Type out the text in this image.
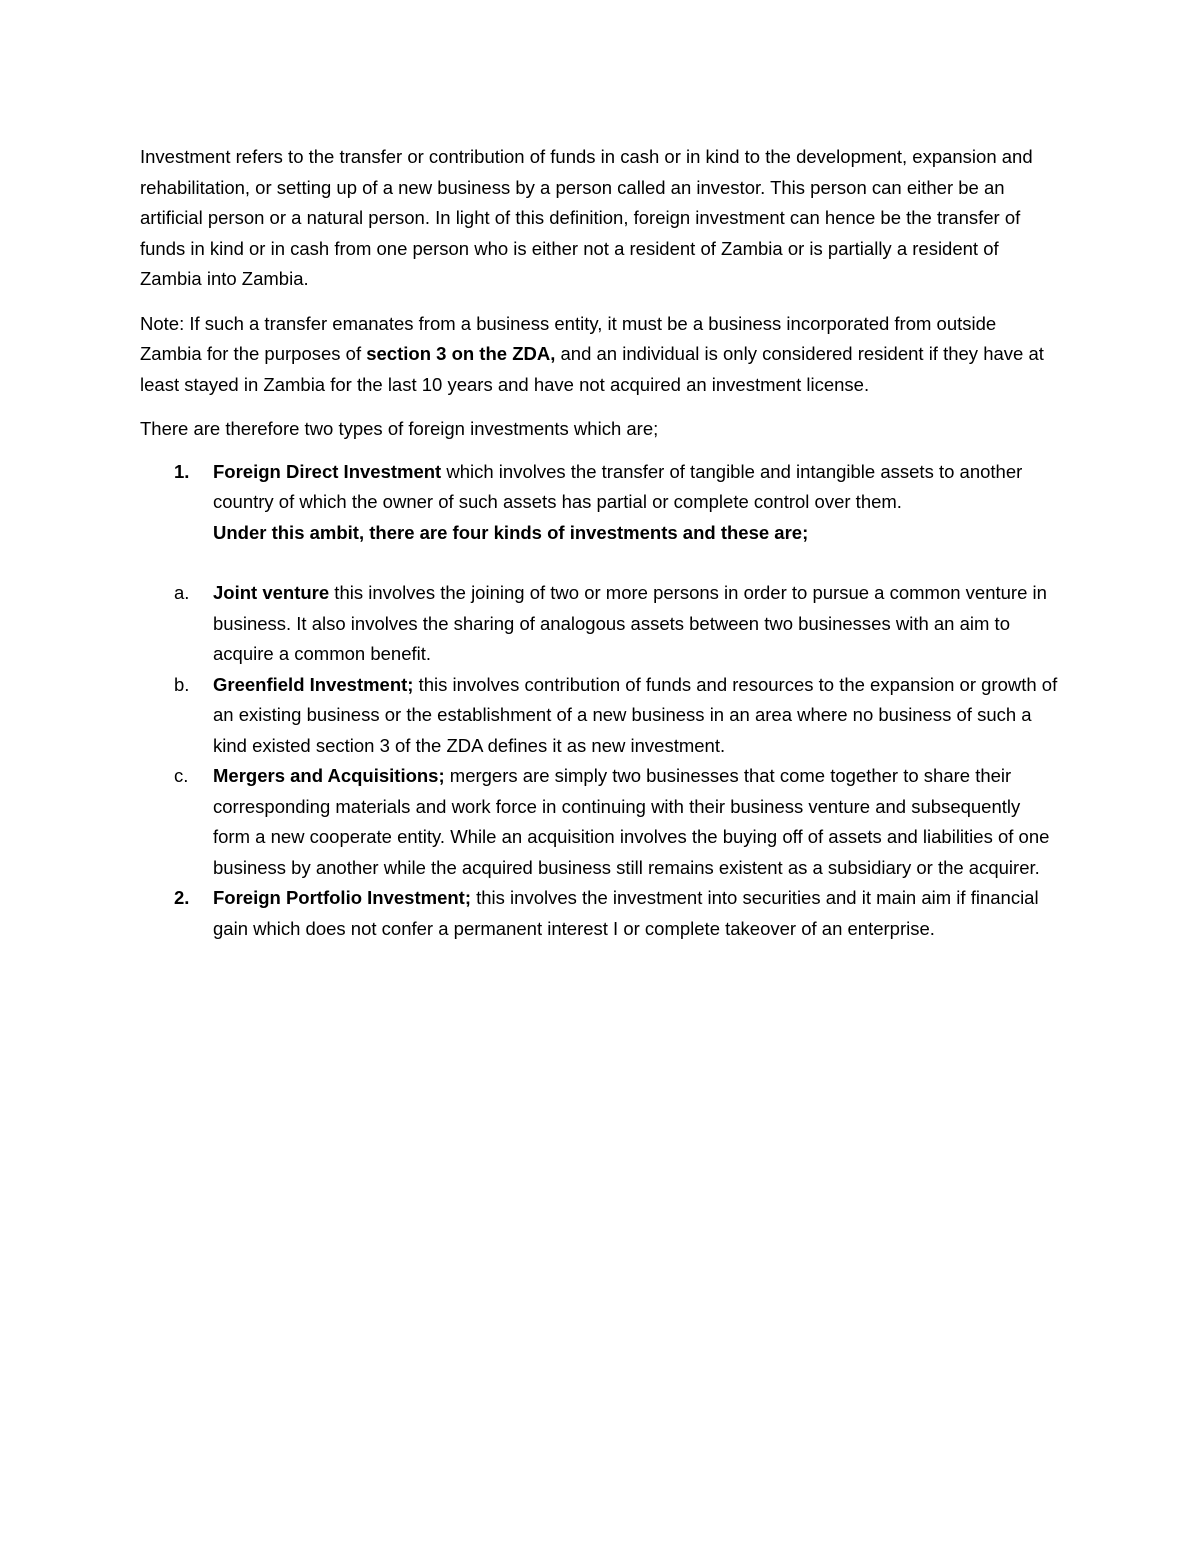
Investment refers to the transfer or contribution of funds in cash or in kind to the development, expansion and rehabilitation, or setting up of a new business by a person called an investor. This person can either be an artificial person or a natural person. In light of this definition, foreign investment can hence be the transfer of funds in kind or in cash from one person who is either not a resident of Zambia or is partially a resident of Zambia into Zambia.

Note: If such a transfer emanates from a business entity, it must be a business incorporated from outside Zambia for the purposes of section 3 on the ZDA, and an individual is only considered resident if they have at least stayed in Zambia for the last 10 years and have not acquired an investment license.

There are therefore two types of foreign investments which are;

1. Foreign Direct Investment which involves the transfer of tangible and intangible assets to another country of which the owner of such assets has partial or complete control over them.
Under this ambit, there are four kinds of investments and these are;
a. Joint venture this involves the joining of two or more persons in order to pursue a common venture in business. It also involves the sharing of analogous assets between two businesses with an aim to acquire a common benefit.
b. Greenfield Investment; this involves contribution of funds and resources to the expansion or growth of an existing business or the establishment of a new business in an area where no business of such a kind existed section 3 of the ZDA defines it as new investment.
c. Mergers and Acquisitions; mergers are simply two businesses that come together to share their corresponding materials and work force in continuing with their business venture and subsequently form a new cooperate entity. While an acquisition involves the buying off of assets and liabilities of one business by another while the acquired business still remains existent as a subsidiary or the acquirer.
2. Foreign Portfolio Investment; this involves the investment into securities and it main aim if financial gain which does not confer a permanent interest I or complete takeover of an enterprise.
